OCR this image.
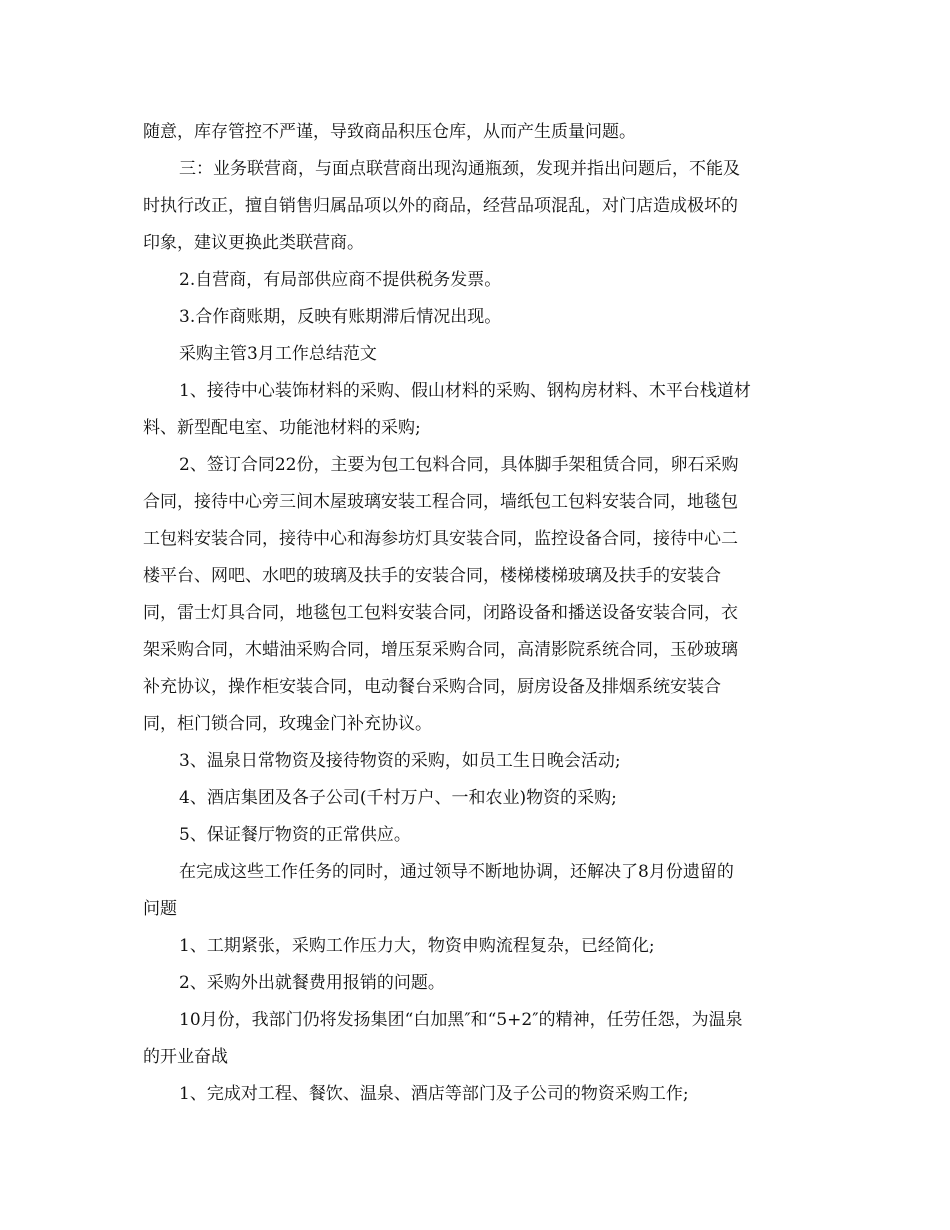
随意，库存管控不严谨，导致商品积压仓库，从而产生质量问题。
三：业务联营商，与面点联营商出现沟通瓶颈，发现并指出问题后，不能及
时执行改正，擅自销售归属品项以外的商品，经营品项混乱，对门店造成极坏的
印象，建议更换此类联营商。
2.自营商，有局部供应商不提供税务发票。
3.合作商账期，反映有账期滞后情况出现。
采购主管3月工作总结范文
1、接待中心装饰材料的采购、假山材料的采购、钢构房材料、木平台栈道材
料、新型配电室、功能池材料的采购;
2、签订合同22份，主要为包工包料合同，具体脚手架租赁合同，卵石采购
合同，接待中心旁三间木屋玻璃安装工程合同，墙纸包工包料安装合同，地毯包
工包料安装合同，接待中心和海参坊灯具安装合同，监控设备合同，接待中心二
楼平台、网吧、水吧的玻璃及扶手的安装合同，楼梯楼梯玻璃及扶手的安装合
同，雷士灯具合同，地毯包工包料安装合同，闭路设备和播送设备安装合同，衣
架采购合同，木蜡油采购合同，增压泵采购合同，高清影院系统合同，玉砂玻璃
补充协议，操作柜安装合同，电动餐台采购合同，厨房设备及排烟系统安装合
同，柜门锁合同，玫瑰金门补充协议。
3、温泉日常物资及接待物资的采购，如员工生日晚会活动;
4、酒店集团及各子公司(千村万户、一和农业)物资的采购;
5、保证餐厅物资的正常供应。
在完成这些工作任务的同时，通过领导不断地协调，还解决了8月份遗留的
问题
1、工期紧张，采购工作压力大，物资申购流程复杂，已经简化;
2、采购外出就餐费用报销的问题。
10月份，我部门仍将发扬集团“白加黑″和“5+2″的精神，任劳任怨，为温泉
的开业奋战
1、完成对工程、餐饮、温泉、酒店等部门及子公司的物资采购工作;
